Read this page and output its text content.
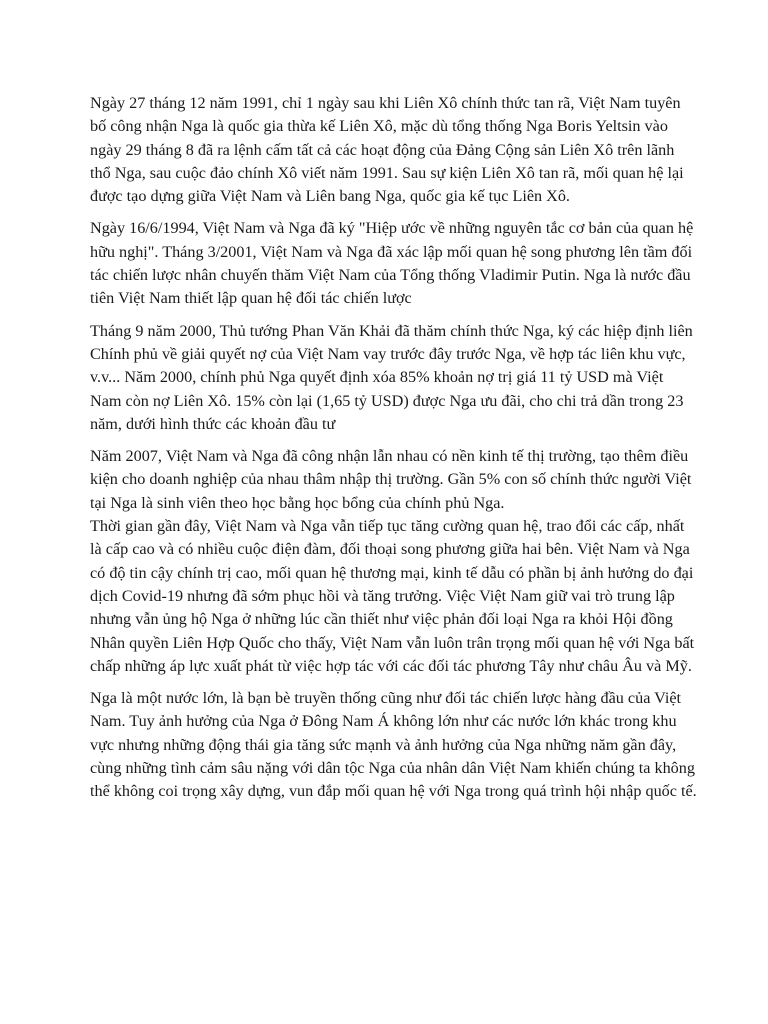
Ngày 27 tháng 12 năm 1991, chỉ 1 ngày sau khi Liên Xô chính thức tan rã, Việt Nam tuyên bố công nhận Nga là quốc gia thừa kế Liên Xô, mặc dù tổng thống Nga Boris Yeltsin vào ngày 29 tháng 8 đã ra lệnh cấm tất cả các hoạt động của Đảng Cộng sản Liên Xô trên lãnh thổ Nga, sau cuộc đảo chính Xô viết năm 1991. Sau sự kiện Liên Xô tan rã, mối quan hệ lại được tạo dựng giữa Việt Nam và Liên bang Nga, quốc gia kế tục Liên Xô.

Ngày 16/6/1994, Việt Nam và Nga đã ký "Hiệp ước về những nguyên tắc cơ bản của quan hệ hữu nghị". Tháng 3/2001, Việt Nam và Nga đã xác lập mối quan hệ song phương lên tầm đối tác chiến lược nhân chuyến thăm Việt Nam của Tổng thống Vladimir Putin. Nga là nước đầu tiên Việt Nam thiết lập quan hệ đối tác chiến lược

Tháng 9 năm 2000, Thủ tướng Phan Văn Khải đã thăm chính thức Nga, ký các hiệp định liên Chính phủ về giải quyết nợ của Việt Nam vay trước đây trước Nga, về hợp tác liên khu vực, v.v... Năm 2000, chính phủ Nga quyết định xóa 85% khoản nợ trị giá 11 tỷ USD mà Việt Nam còn nợ Liên Xô. 15% còn lại (1,65 tỷ USD) được Nga ưu đãi, cho chi trả dần trong 23 năm, dưới hình thức các khoản đầu tư

Năm 2007, Việt Nam và Nga đã công nhận lẫn nhau có nền kinh tế thị trường, tạo thêm điều kiện cho doanh nghiệp của nhau thâm nhập thị trường. Gần 5% con số chính thức người Việt tại Nga là sinh viên theo học bằng học bổng của chính phủ Nga.

Thời gian gần đây, Việt Nam và Nga vẫn tiếp tục tăng cường quan hệ, trao đổi các cấp, nhất là cấp cao và có nhiều cuộc điện đàm, đối thoại song phương giữa hai bên. Việt Nam và Nga có độ tin cậy chính trị cao, mối quan hệ thương mại, kinh tế dẫu có phần bị ảnh hưởng do đại dịch Covid-19 nhưng đã sớm phục hồi và tăng trưởng. Việc Việt Nam giữ vai trò trung lập nhưng vẫn ủng hộ Nga ở những lúc cần thiết như việc phản đối loại Nga ra khỏi Hội đồng Nhân quyền Liên Hợp Quốc cho thấy, Việt Nam vẫn luôn trân trọng mối quan hệ với Nga bất chấp những áp lực xuất phát từ việc hợp tác với các đối tác phương Tây như châu Âu và Mỹ.

Nga là một nước lớn, là bạn bè truyền thống cũng như đối tác chiến lược hàng đầu của Việt Nam. Tuy ảnh hưởng của Nga ở Đông Nam Á không lớn như các nước lớn khác trong khu vực nhưng những động thái gia tăng sức mạnh và ảnh hưởng của Nga những năm gần đây, cùng những tình cảm sâu nặng với dân tộc Nga của nhân dân Việt Nam khiến chúng ta không thể không coi trọng xây dựng, vun đắp mối quan hệ với Nga trong quá trình hội nhập quốc tế.
